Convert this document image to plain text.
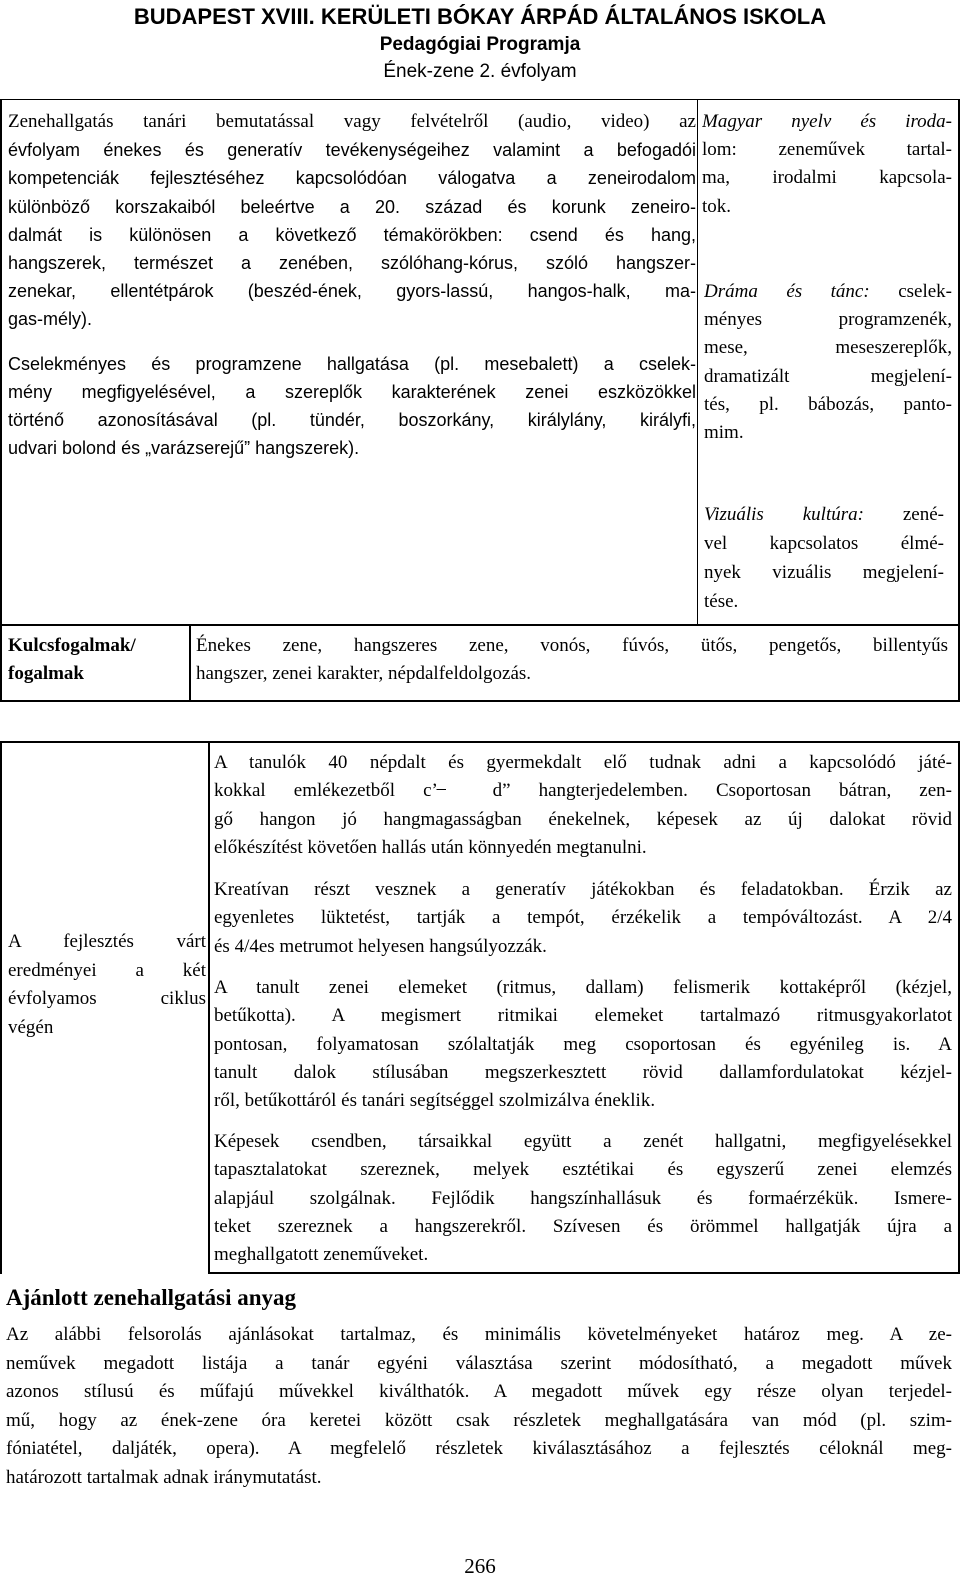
BUDAPEST XVIII. KERÜLETI BÓKAY ÁRPÁD ÁLTALÁNOS ISKOLA
Pedagógiai Programja
Ének-zene 2. évfolyam
Zenehallgatás tanári bemutatással vagy felvételről (audio, video) az
évfolyam énekes és generatív tevékenységeihez valamint a befogadói
kompetenciák fejlesztéséhez kapcsolódóan válogatva a zeneirodalom
különböző korszakaiból beleértve a 20. század és korunk zeneiro-
dalmát is különösen a következő témakörökben: csend és hang,
hangszerek, természet a zenében, szólóhang-kórus, szóló hangszer-
zenekar, ellentétpárok (beszéd-ének, gyors-lassú, hangos-halk, ma-
gas-mély).
Cselekményes és programzene hallgatása (pl. mesebalett) a cselek-
mény megfigyelésével, a szereplők karakterének zenei eszközökkel
történő azonosításával (pl. tündér, boszorkány, királylány, királyfi,
udvari bolond és „varázserejű” hangszerek).
Magyar nyelv és iroda-
lom: zeneművek tartal-
ma, irodalmi kapcsola-
tok.
Dráma és tánc: cselek-
ményes programzenék,
mese, meseszereplők,
dramatizált megjelení-
tés, pl. bábozás, panto-
mim.
Vizuális kultúra: zené-
vel kapcsolatos élmé-
nyek vizuális megjelení-
tése.
Kulcsfogalmak/
fogalmak
Énekes zene, hangszeres zene, vonós, fúvós, ütős, pengetős, billentyűs
hangszer, zenei karakter, népdalfeldolgozás.
A fejlesztés várt
eredményei a két
évfolyamos ciklus
végén
A tanulók 40 népdalt és gyermekdalt elő tudnak adni a kapcsolódó játé-
kokkal emlékezetből c’ ̶ d” hangterjedelemben. Csoportosan bátran, zen-
gő hangon jó hangmagasságban énekelnek, képesek az új dalokat rövid
előkészítést követően hallás után könnyedén megtanulni.
Kreatívan részt vesznek a generatív játékokban és feladatokban. Érzik az
egyenletes lüktetést, tartják a tempót, érzékelik a tempóváltozást. A 2/4
és 4/4es metrumot helyesen hangsúlyozzák.
A tanult zenei elemeket (ritmus, dallam) felismerik kottaképről (kézjel,
betűkotta). A megismert ritmikai elemeket tartalmazó ritmusgyakorlatot
pontosan, folyamatosan szólaltatják meg csoportosan és egyénileg is. A
tanult dalok stílusában megszerkesztett rövid dallamfordulatokat kézjel-
ről, betűkottáról és tanári segítséggel szolmizálva éneklik.
Képesek csendben, társaikkal együtt a zenét hallgatni, megfigyelésekkel
tapasztalatokat szereznek, melyek esztétikai és egyszerű zenei elemzés
alapjául szolgálnak. Fejlődik hangszínhallásuk és formaérzékük. Ismere-
teket szereznek a hangszerekről. Szívesen és örömmel hallgatják újra a
meghallgatott zeneműveket.
Ajánlott zenehallgatási anyag
Az alábbi felsorolás ajánlásokat tartalmaz, és minimális követelményeket határoz meg. A ze-
neművek megadott listája a tanár egyéni választása szerint módosítható, a megadott művek
azonos stílusú és műfajú művekkel kiválthatók. A megadott művek egy része olyan terjedel-
mű, hogy az ének-zene óra keretei között csak részletek meghallgatására van mód (pl. szim-
fóniatétel, daljáték, opera). A megfelelő részletek kiválasztásához a fejlesztés céloknál meg-
határozott tartalmak adnak iránymutatást.
266
